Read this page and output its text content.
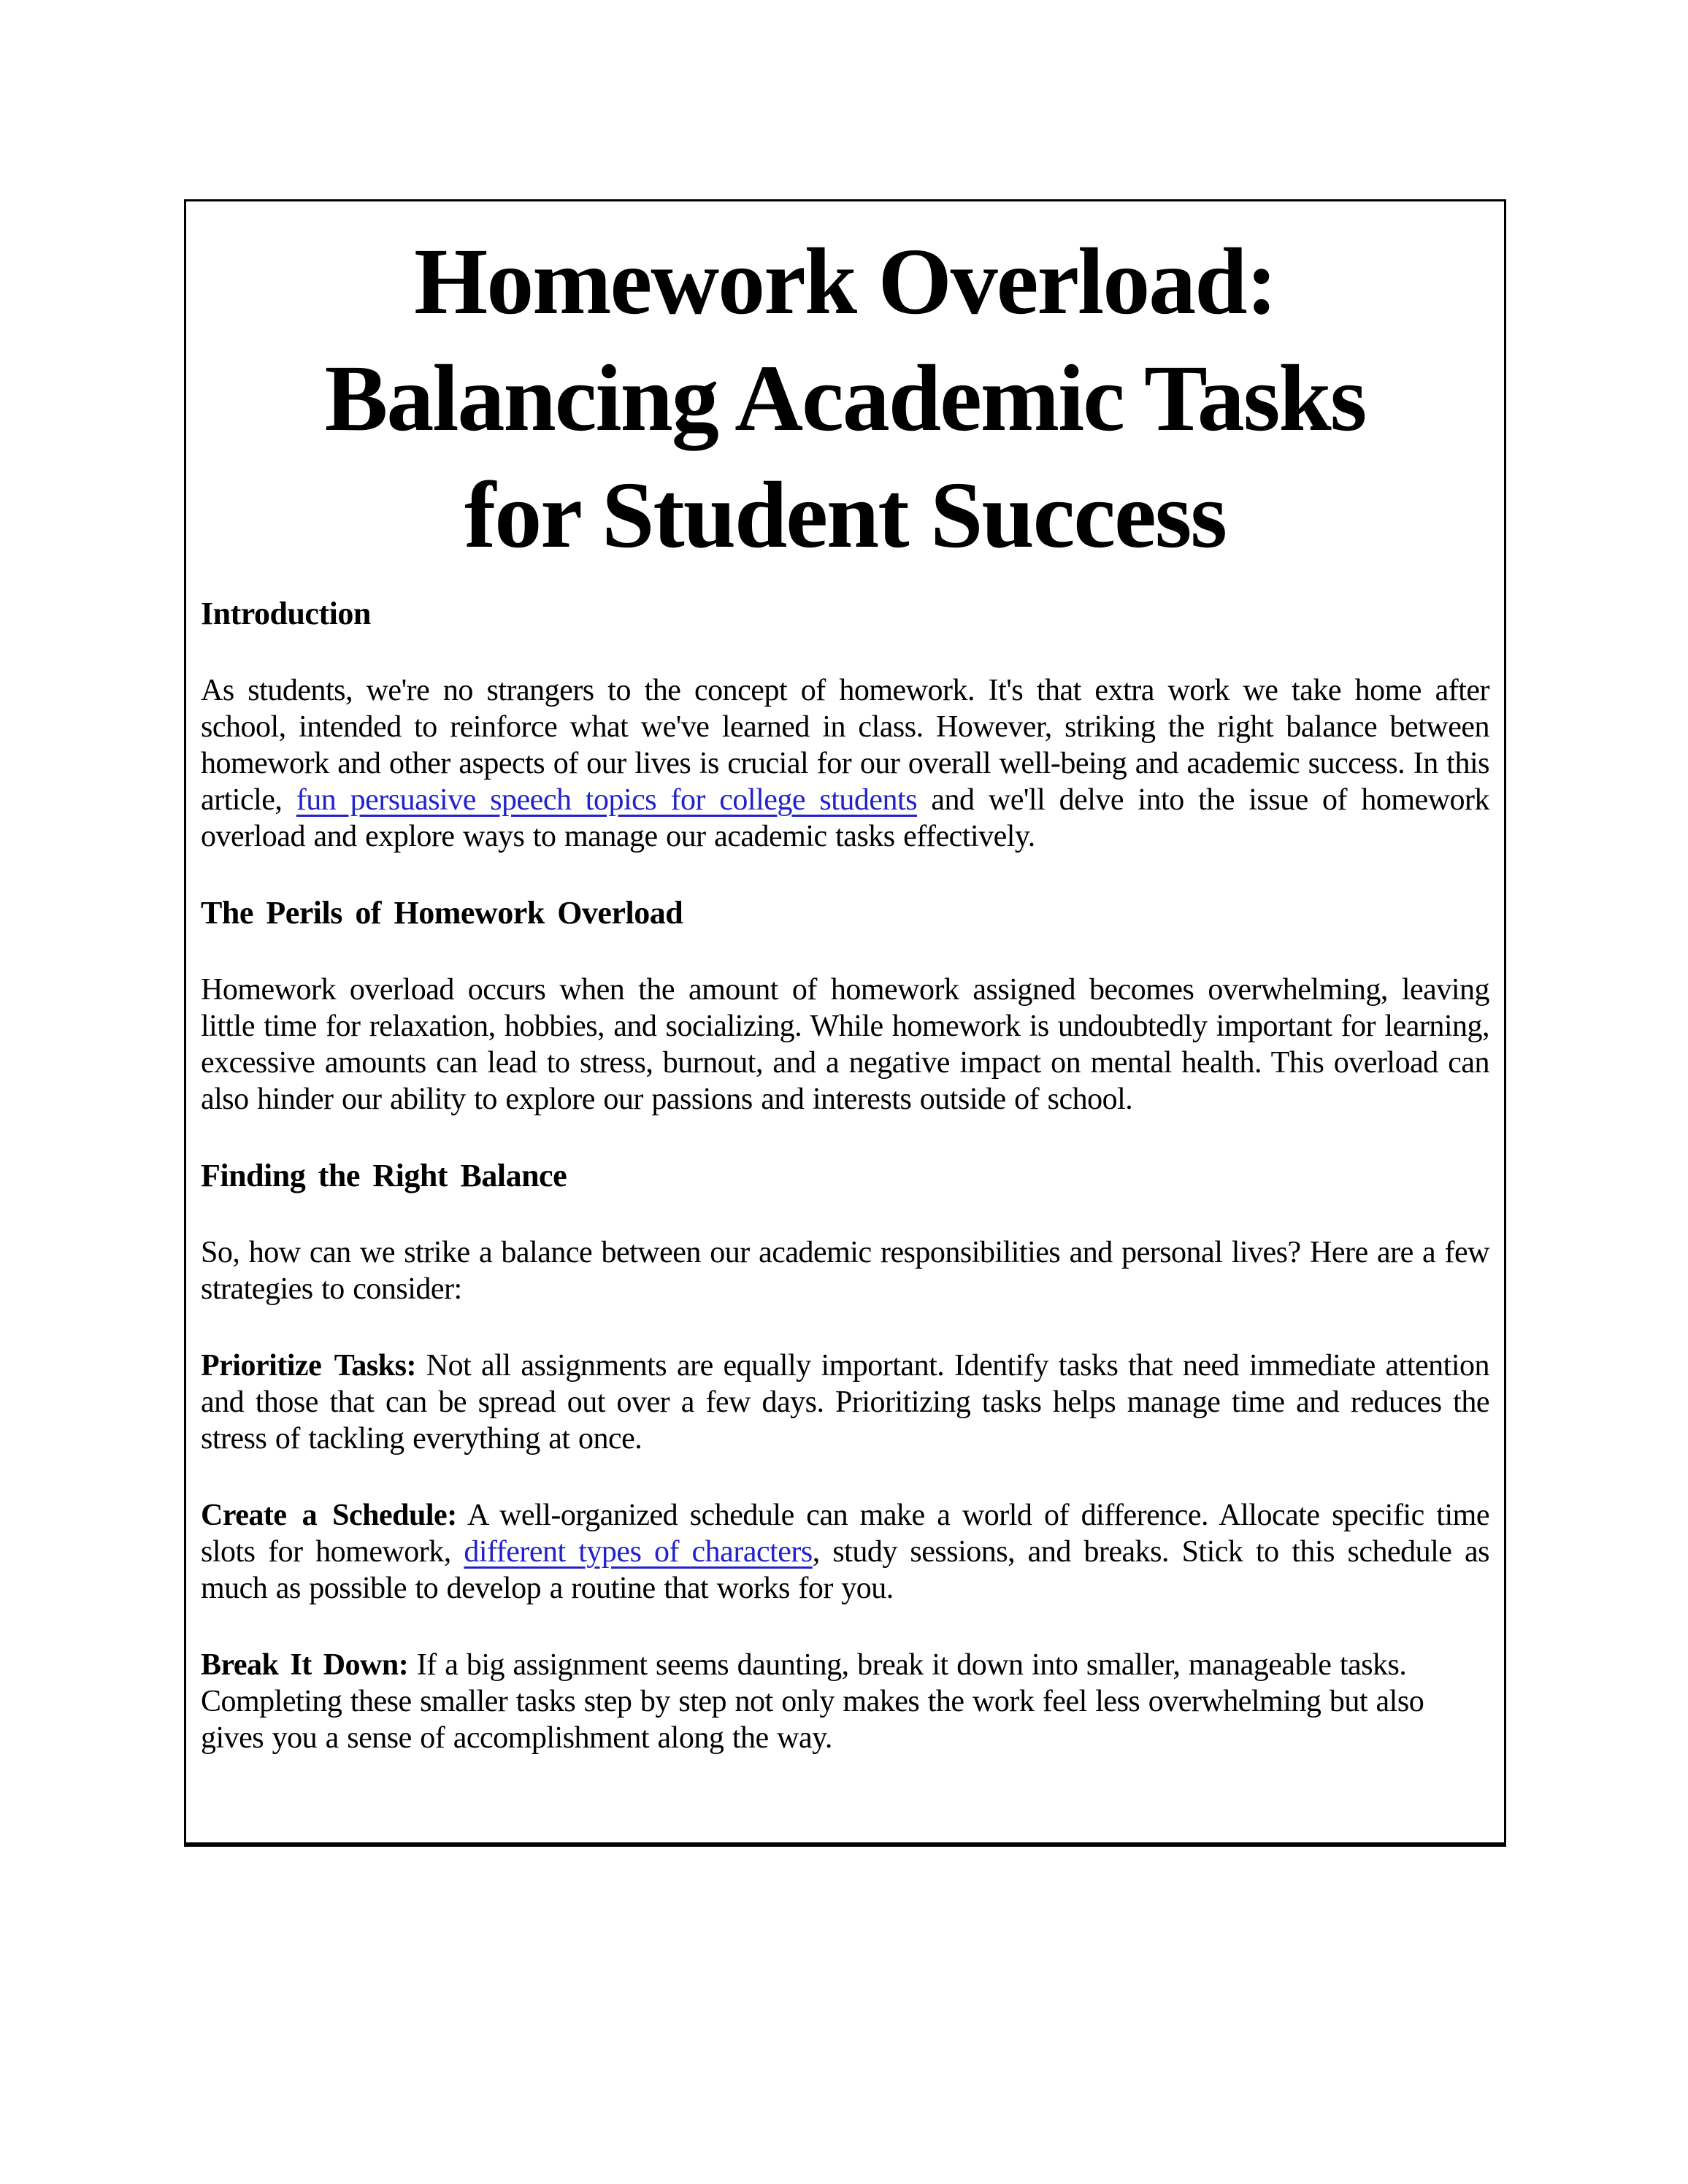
Homework Overload:
Balancing Academic Tasks
for Student Success
Introduction

As students, we're no strangers to the concept of homework. It's that extra work we take home after school, intended to reinforce what we've learned in class. However, striking the right balance between homework and other aspects of our lives is crucial for our overall well-being and academic success. In this article, fun persuasive speech topics for college students and we'll delve into the issue of homework overload and explore ways to manage our academic tasks effectively.

The Perils of Homework Overload

Homework overload occurs when the amount of homework assigned becomes overwhelming, leaving little time for relaxation, hobbies, and socializing. While homework is undoubtedly important for learning, excessive amounts can lead to stress, burnout, and a negative impact on mental health. This overload can also hinder our ability to explore our passions and interests outside of school.

Finding the Right Balance

So, how can we strike a balance between our academic responsibilities and personal lives? Here are a few strategies to consider:

Prioritize Tasks: Not all assignments are equally important. Identify tasks that need immediate attention and those that can be spread out over a few days. Prioritizing tasks helps manage time and reduces the stress of tackling everything at once.

Create a Schedule: A well-organized schedule can make a world of difference. Allocate specific time slots for homework, different types of characters, study sessions, and breaks. Stick to this schedule as much as possible to develop a routine that works for you.

Break It Down: If a big assignment seems daunting, break it down into smaller, manageable tasks. Completing these smaller tasks step by step not only makes the work feel less overwhelming but also gives you a sense of accomplishment along the way.
